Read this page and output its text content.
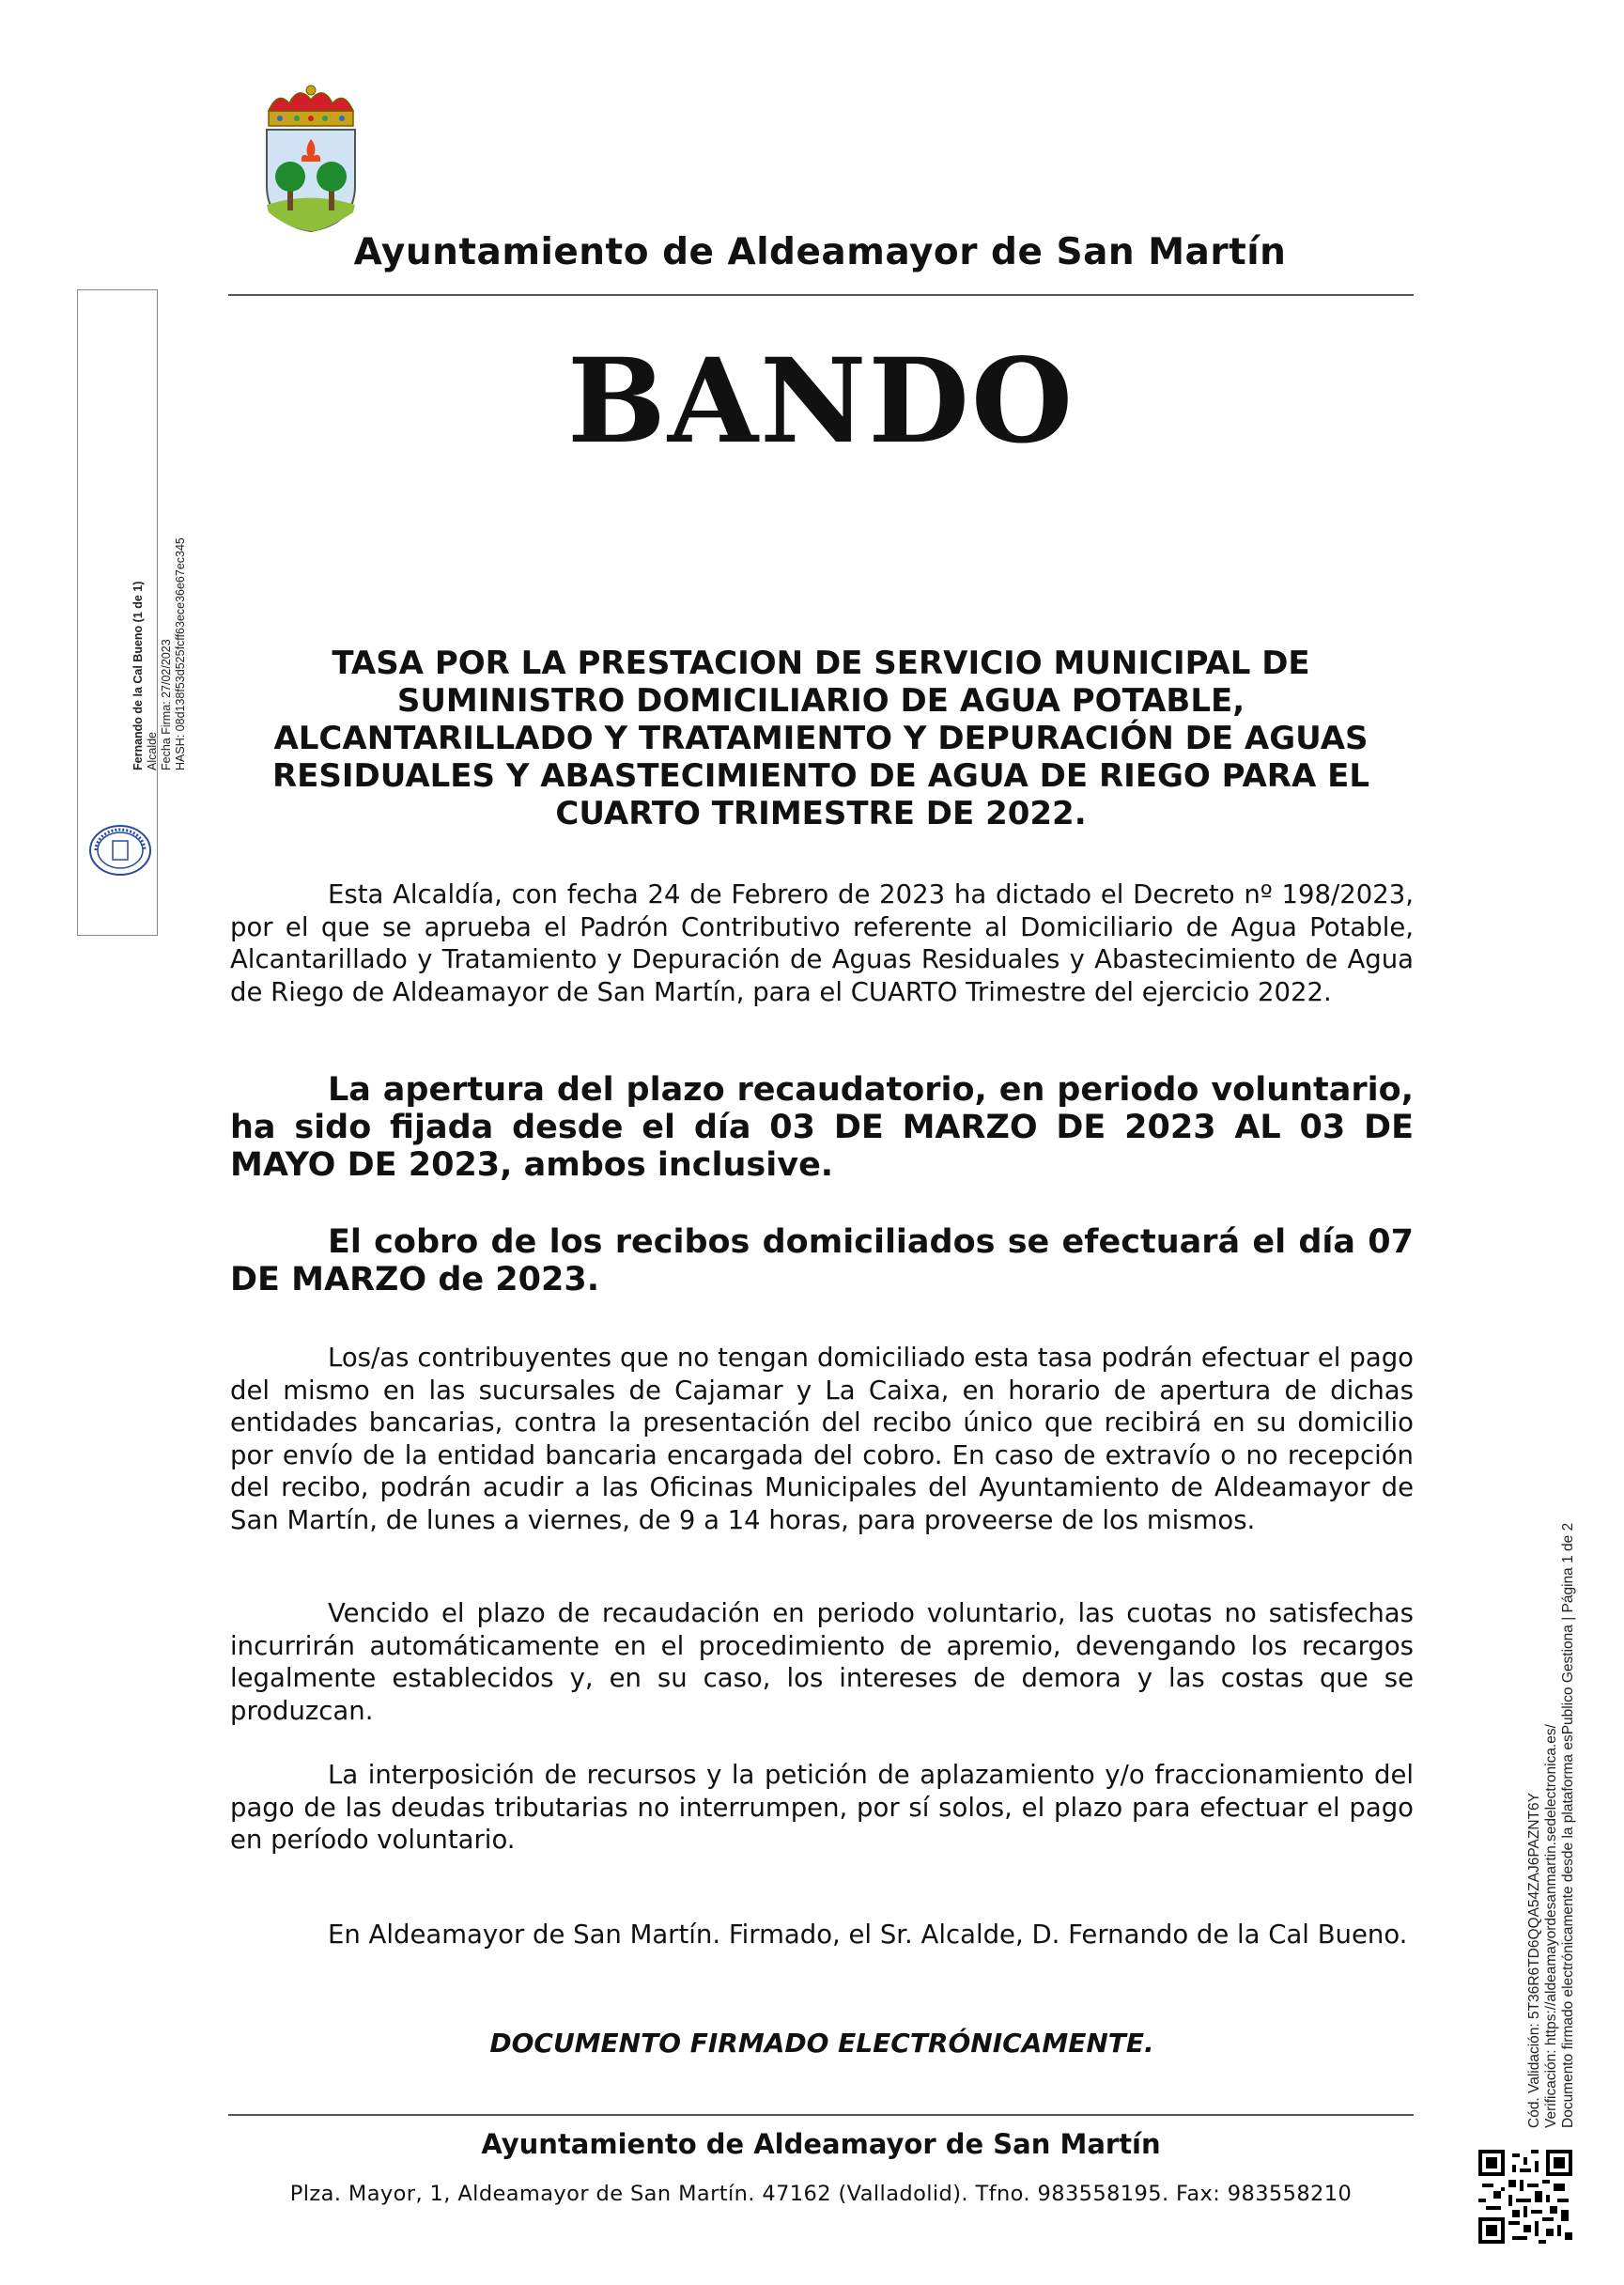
Ayuntamiento de Aldeamayor de San Martín
BANDO
TASA POR LA PRESTACION DE SERVICIO MUNICIPAL DE SUMINISTRO DOMICILIARIO DE AGUA POTABLE, ALCANTARILLADO Y TRATAMIENTO Y DEPURACIÓN DE AGUAS RESIDUALES Y ABASTECIMIENTO DE AGUA DE RIEGO PARA EL CUARTO TRIMESTRE DE 2022.
Esta Alcaldía, con fecha 24 de Febrero de 2023 ha dictado el Decreto nº 198/2023, por el que se aprueba el Padrón Contributivo referente al Domiciliario de Agua Potable, Alcantarillado y Tratamiento y Depuración de Aguas Residuales y Abastecimiento de Agua de Riego de Aldeamayor de San Martín, para el CUARTO Trimestre del ejercicio 2022.
La apertura del plazo recaudatorio, en periodo voluntario, ha sido fijada desde el día 03 DE MARZO DE 2023 AL 03 DE MAYO DE 2023, ambos inclusive.
El cobro de los recibos domiciliados se efectuará el día 07 DE MARZO de 2023.
Los/as contribuyentes que no tengan domiciliado esta tasa podrán efectuar el pago del mismo en las sucursales de Cajamar y La Caixa, en horario de apertura de dichas entidades bancarias, contra la presentación del recibo único que recibirá en su domicilio por envío de la entidad bancaria encargada del cobro. En caso de extravío o no recepción del recibo, podrán acudir a las Oficinas Municipales del Ayuntamiento de Aldeamayor de San Martín, de lunes a viernes, de 9 a 14 horas, para proveerse de los mismos.
Vencido el plazo de recaudación en periodo voluntario, las cuotas no satisfechas incurrirán automáticamente en el procedimiento de apremio, devengando los recargos legalmente establecidos y, en su caso, los intereses de demora y las costas que se produzcan.
La interposición de recursos y la petición de aplazamiento y/o fraccionamiento del pago de las deudas tributarias no interrumpen, por sí solos, el plazo para efectuar el pago en período voluntario.
En Aldeamayor de San Martín. Firmado, el Sr. Alcalde, D. Fernando de la Cal Bueno.
DOCUMENTO FIRMADO ELECTRÓNICAMENTE.
Ayuntamiento de Aldeamayor de San Martín
Plza. Mayor, 1, Aldeamayor de San Martín. 47162 (Valladolid). Tfno. 983558195. Fax: 983558210
Fernando de la Cal Bueno (1 de 1) Alcalde Fecha Firma: 27/02/2023 HASH: 08d138f53d525fcff63ece36e67ec345
Cód. Validación: 5T36R6TD6QQA54ZAJ6PAZNT6Y Verificación: https://aldeamayordesanmartin.sedelectronica.es/ Documento firmado electrónicamente desde la plataforma esPublico Gestiona | Página 1 de 2
